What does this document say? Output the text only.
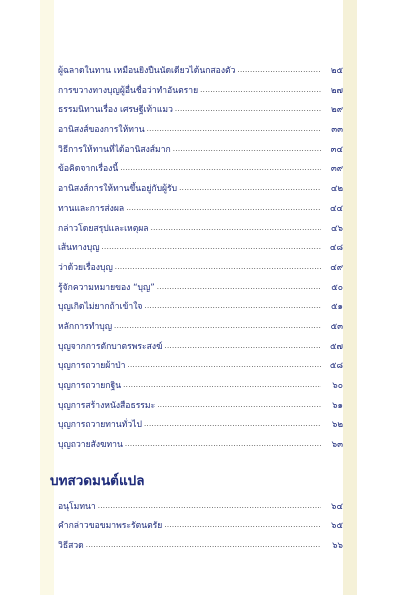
ผู้ฉลาดในทาน เหมือนยิงปืนนัดเดียวได้นกสองตัว .....	๒๕
การขวางทางบุญผู้อื่นชื่อว่าทำอันตราย .....	๒๗
ธรรมนิทานเรื่อง เศรษฐีเท้าแมว .....	๒๙
อานิสงส์ของการให้ทาน .....	๓๓
วิธีการให้ทานที่ได้อานิสงส์มาก .....	๓๔
ข้อคิดจากเรื่องนี้ .....	๓๙
อานิสงส์การให้ทานขึ้นอยู่กับผู้รับ .....	๔๒
ทานและการส่งผล .....	๔๔
กล่าวโดยสรุปและเหตุผล .....	๔๖
เส้นทางบุญ .....	๔๘
ว่าด้วยเรื่องบุญ .....	๔๙
รู้จักความหมายของ “บุญ” .....	๕๐
บุญเกิดไม่ยากถ้าเข้าใจ .....	๕๑
หลักการทำบุญ .....	๕๓
บุญจากการตักบาตรพระสงฆ์ .....	๕๗
บุญการถวายผ้าป่า .....	๕๘
บุญการถวายกฐิน .....	๖๐
บุญการสร้างหนังสือธรรมะ .....	๖๑
บุญการถวายทานทั่วไป .....	๖๒
บุญถวายสังฆทาน .....	๖๓
บทสวดมนต์แปล
อนุโมทนา .....	๖๔
คำกล่าวขอขมาพระรัตนตรัย .....	๖๕
วิธีสวด .....	๖๖
